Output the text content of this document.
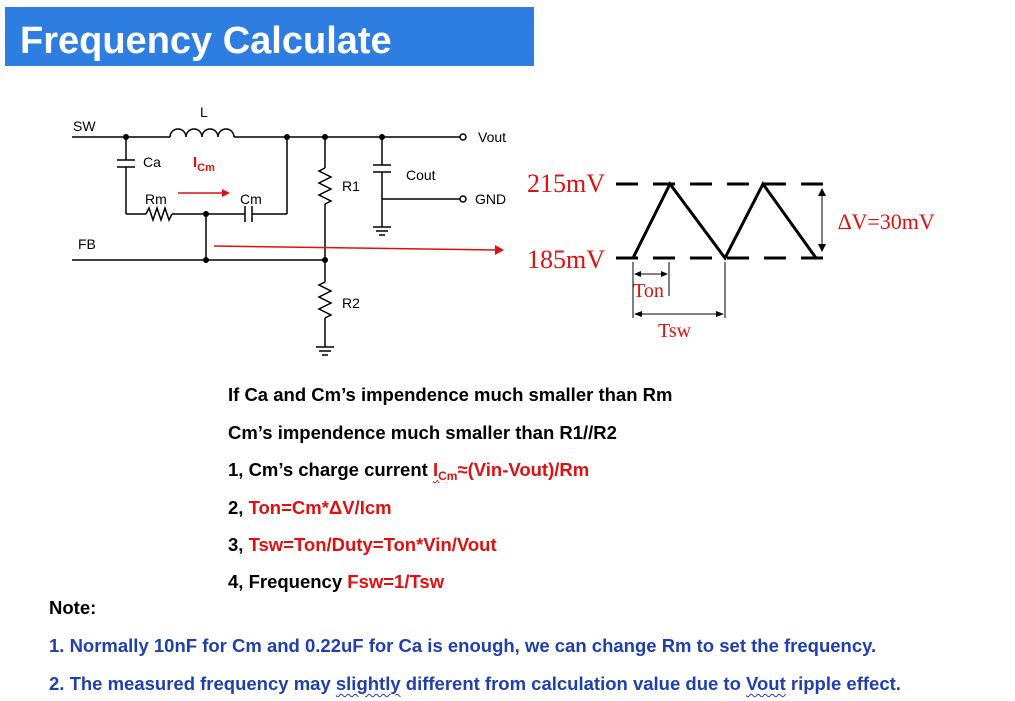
Frequency Calculate
SW
FB
L
Ca
Rm	Cm
R1
R2
Cout
Vout
GND
$I_{Cm}$
215mV
185mV
∆V=30mV
Ton
Tsw
If Ca and Cm’s impendence much smaller than Rm
Cm’s impendence much smaller than R1//R2
1, Cm’s charge current $I_{Cm}\approx(Vin-Vout)/Rm$
2, Ton=Cm*ΔV/Icm
3, Tsw=Ton/Duty=Ton*Vin/Vout
4, Frequency Fsw=1/Tsw
Note:
1. Normally 10nF for Cm and 0.22uF for Ca is enough, we can change Rm to set the frequency.
2. The measured frequency may slightly different from calculation value due to Vout ripple effect.
